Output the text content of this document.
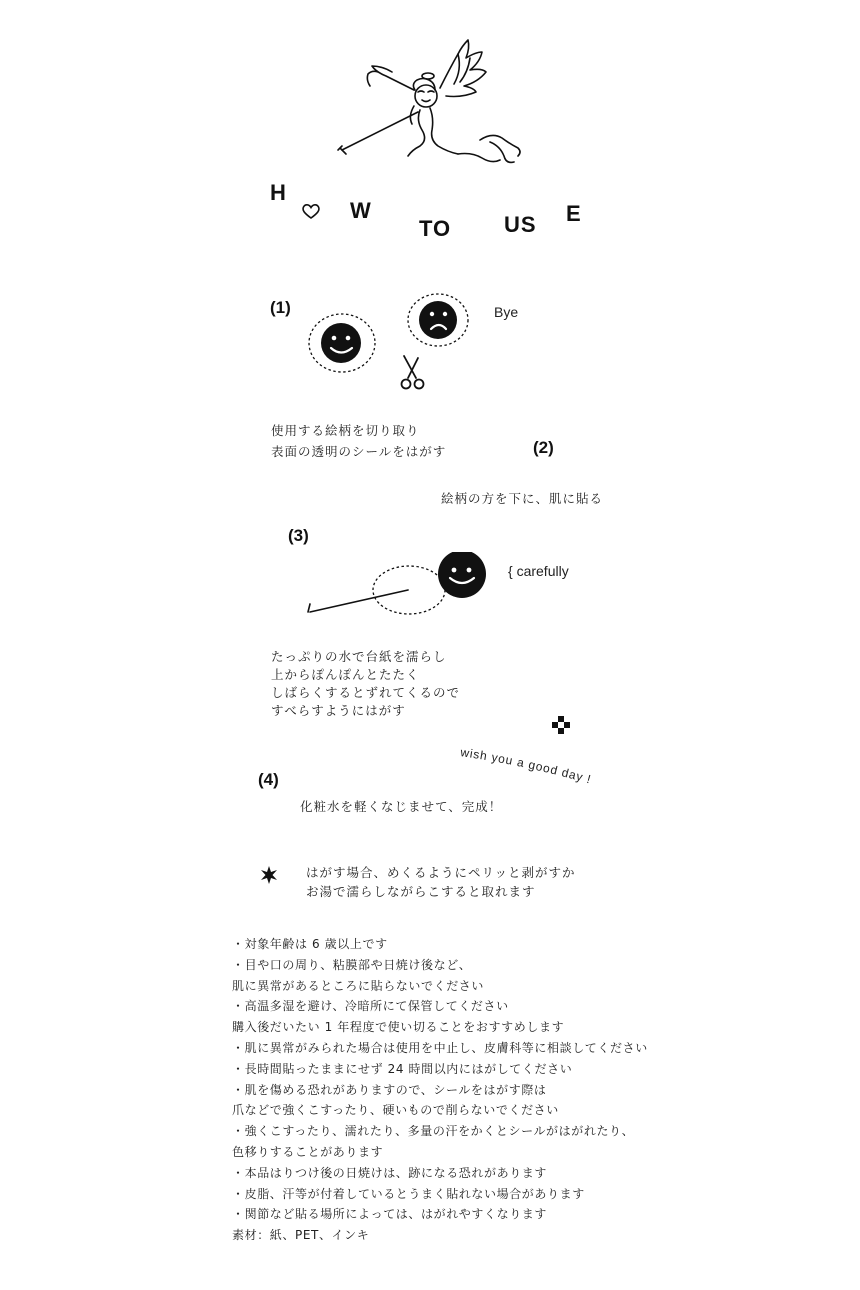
H
W
TO US E
(1)	Bye
使用する絵柄を切り取り
表面の透明のシールをはがす	(2)
絵柄の方を下に、肌に貼る
(3)
{ carefully
たっぷりの水で台紙を濡らし
上からぽんぽんとたたく
しばらくするとずれてくるので
すべらすようにはがす
wish you a good day !
(4)
化粧水を軽くなじませて、完成！
はがす場合、めくるようにペリッと剥がすか
お湯で濡らしながらこすると取れます
・対象年齢は 6 歳以上です
・目や口の周り、粘膜部や日焼け後など、
肌に異常があるところに貼らないでください
・高温多湿を避け、冷暗所にて保管してください
購入後だいたい 1 年程度で使い切ることをおすすめします
・肌に異常がみられた場合は使用を中止し、皮膚科等に相談してください
・長時間貼ったままにせず 24 時間以内にはがしてください
・肌を傷める恐れがありますので、シールをはがす際は
爪などで強くこすったり、硬いもので削らないでください
・強くこすったり、濡れたり、多量の汗をかくとシールがはがれたり、
色移りすることがあります
・本品はりつけ後の日焼けは、跡になる恐れがあります
・皮脂、汗等が付着しているとうまく貼れない場合があります
・関節など貼る場所によっては、はがれやすくなります
素材：紙、PET、インキ
